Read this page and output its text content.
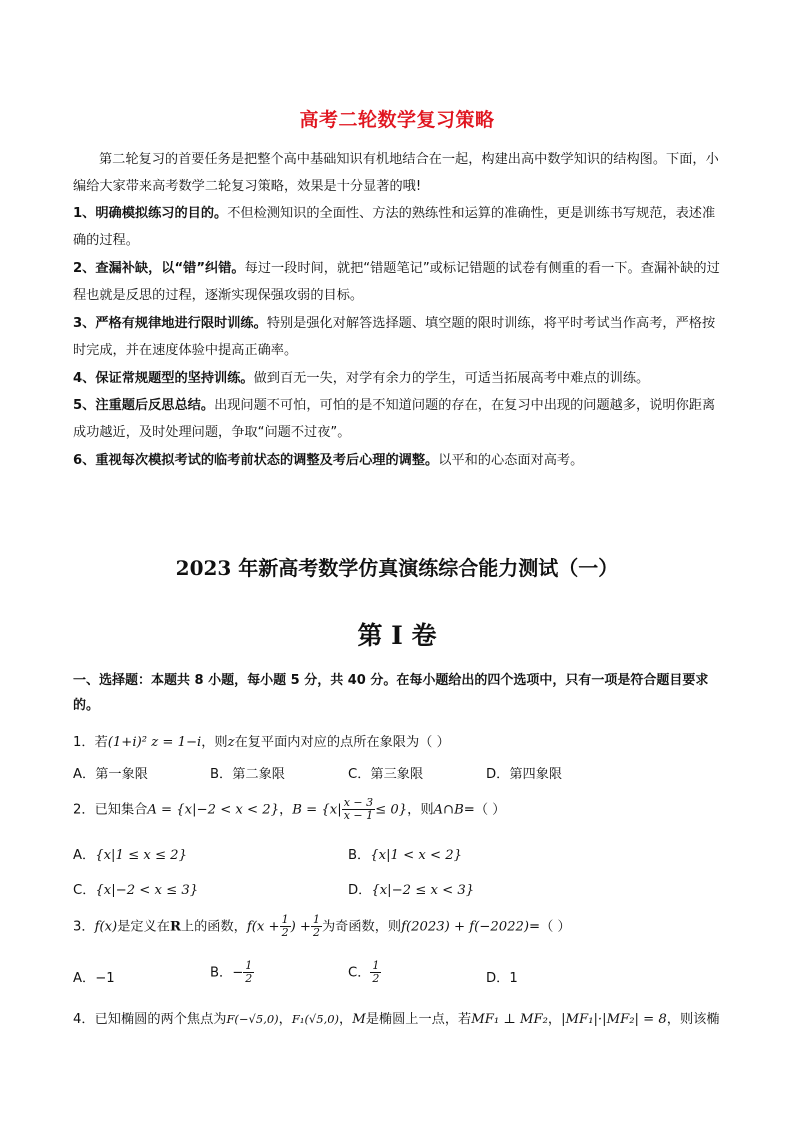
高考二轮数学复习策略
第二轮复习的首要任务是把整个高中基础知识有机地结合在一起，构建出高中数学知识的结构图。下面，小编给大家带来高考数学二轮复习策略，效果是十分显著的哦!
1、明确模拟练习的目的。不但检测知识的全面性、方法的熟练性和运算的准确性，更是训练书写规范，表述准确的过程。
2、查漏补缺，以“错”纠错。每过一段时间，就把“错题笔记”或标记错题的试卷有侧重的看一下。查漏补缺的过程也就是反思的过程，逐渐实现保强攻弱的目标。
3、严格有规律地进行限时训练。特别是强化对解答选择题、填空题的限时训练，将平时考试当作高考，严格按时完成，并在速度体验中提高正确率。
4、保证常规题型的坚持训练。做到百无一失，对学有余力的学生，可适当拓展高考中难点的训练。
5、注重题后反思总结。出现问题不可怕，可怕的是不知道问题的存在，在复习中出现的问题越多，说明你距离成功越近，及时处理问题，争取“问题不过夜”。
6、重视每次模拟考试的临考前状态的调整及考后心理的调整。以平和的心态面对高考。
2023 年新高考数学仿真演练综合能力测试（一）
第 I 卷
一、选择题：本题共 8 小题，每小题 5 分，共 40 分。在每小题给出的四个选项中，只有一项是符合题目要求的。
1．若(1+i)² z = 1−i，则z在复平面内对应的点所在象限为（ ）
A．第一象限	B．第二象限	C．第三象限	D．第四象限
2．已知集合A = {x|−2 < x < 2}，$B = \{x| \frac{x - 3}{x - 1} \le 0\}$，则A∩B=（ ）
A．{x|1 ≤ x ≤ 2}	B．{x|1 < x < 2}
C．{x|−2 < x ≤ 3}	D．{x|−2 ≤ x < 3}
3．f(x)是定义在R上的函数，$f(x + \frac{1}{2}$ ) + $\frac{1}{2}$ 为奇函数，则f(2023) + f(−2022)=（ ）
A．−1	B．− $\frac{1}{2}$	C． $\frac{1}{2}$	D．1
4．已知椭圆的两个焦点为F(−√5,0)，F₁(√5,0)，M是椭圆上一点，若MF₁ ⊥ MF₂，|MF₁|·|MF₂| = 8，则该椭
